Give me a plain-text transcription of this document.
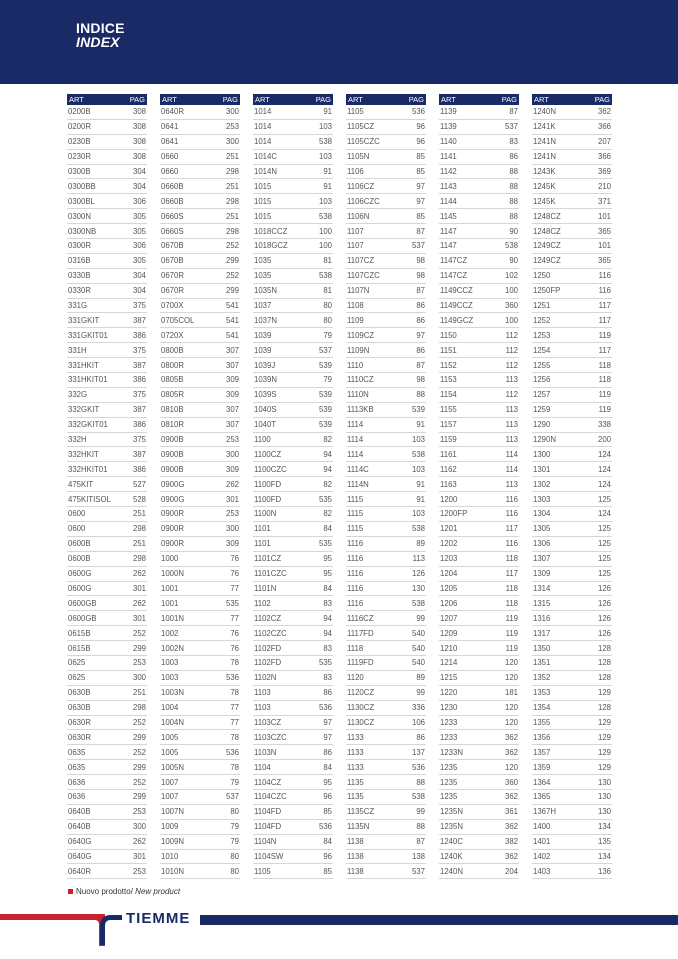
INDICE
INDEX
ART	PAG
0200B	308
0200R	308
0230B	308
0230R	308
0300B	304
0300BB	304
0300BL	306
0300N	305
0300NB	305
0300R	306
0316B	305
0330B	304
0330R	304
331G	375
331GKIT	387
331GKIT01	386
331H	375
331HKIT	387
331HKIT01	386
332G	375
332GKIT	387
332GKIT01	386
332H	375
332HKIT	387
332HKIT01	386
475KIT	527
475KITISOL	528
0600	251
0600	298
0600B	251
0600B	298
0600G	262
0600G	301
0600GB	262
0600GB	301
0615B	252
0615B	299
0625	253
0625	300
0630B	251
0630B	298
0630R	252
0630R	299
0635	252
0635	299
0636	252
0636	299
0640B	253
0640B	300
0640G	262
0640G	301
0640R	253
ART	PAG
0640R	300
0641	253
0641	300
0660	251
0660	298
0660B	251
0660B	298
0660S	251
0660S	298
0670B	252
0670B	299
0670R	252
0670R	299
0700X	541
0705COL	541
0720X	541
0800B	307
0800R	307
0805B	309
0805R	309
0810B	307
0810R	307
0900B	253
0900B	300
0900B	309
0900G	262
0900G	301
0900R	253
0900R	300
0900R	309
1000	76
1000N	76
1001	77
1001	535
1001N	77
1002	76
1002N	76
1003	78
1003	536
1003N	78
1004	77
1004N	77
1005	78
1005	536
1005N	78
1007	79
1007	537
1007N	80
1009	79
1009N	79
1010	80
1010N	80
ART	PAG
1014	91
1014	103
1014	538
1014C	103
1014N	91
1015	91
1015	103
1015	538
1018CCZ	100
1018GCZ	100
1035	81
1035	538
1035N	81
1037	80
1037N	80
1039	79
1039	537
1039J	539
1039N	79
1039S	539
1040S	539
1040T	539
1100	82
1100CZ	94
1100CZC	94
1100FD	82
1100FD	535
1100N	82
1101	84
1101	535
1101CZ	95
1101CZC	95
1101N	84
1102	83
1102CZ	94
1102CZC	94
1102FD	83
1102FD	535
1102N	83
1103	86
1103	536
1103CZ	97
1103CZC	97
1103N	86
1104	84
1104CZ	95
1104CZC	96
1104FD	85
1104FD	536
1104N	84
1104SW	96
1105	85
ART	PAG
1105	536
1105CZ	96
1105CZC	96
1105N	85
1106	85
1106CZ	97
1106CZC	97
1106N	85
1107	87
1107	537
1107CZ	98
1107CZC	98
1107N	87
1108	86
1109	86
1109CZ	97
1109N	86
1110	87
1110CZ	98
1110N	88
1113KB	539
1114	91
1114	103
1114	538
1114C	103
1114N	91
1115	91
1115	103
1115	538
1116	89
1116	113
1116	126
1116	130
1116	538
1116CZ	99
1117FD	540
1118	540
1119FD	540
1120	89
1120CZ	99
1130CZ	336
1130CZ	106
1133	86
1133	137
1133	536
1135	88
1135	538
1135CZ	99
1135N	88
1138	87
1138	138
1138	537
ART	PAG
1139	87
1139	537
1140	83
1141	86
1142	88
1143	88
1144	88
1145	88
1147	90
1147	538
1147CZ	90
1147CZ	102
1149CCZ	100
1149CCZ	360
1149GCZ	100
1150	112
1151	112
1152	112
1153	113
1154	112
1155	113
1157	113
1159	113
1161	114
1162	114
1163	113
1200	116
1200FP	116
1201	117
1202	116
1203	118
1204	117
1205	118
1206	118
1207	119
1209	119
1210	119
1214	120
1215	120
1220	181
1230	120
1233	120
1233	362
1233N	362
1235	120
1235	360
1235	362
1235N	361
1235N	362
1240C	382
1240K	362
1240N	204
ART	PAG
1240N	362
1241K	366
1241N	207
1241N	366
1243K	369
1245K	210
1245K	371
1248CZ	101
1248CZ	365
1249CZ	101
1249CZ	365
1250	116
1250FP	116
1251	117
1252	117
1253	119
1254	117
1255	118
1256	118
1257	119
1259	119
1290	338
1290N	200
1300	124
1301	124
1302	124
1303	125
1304	124
1305	125
1306	125
1307	125
1309	125
1314	126
1315	126
1316	126
1317	126
1350	128
1351	128
1352	128
1353	129
1354	128
1355	129
1356	129
1357	129
1359	129
1364	130
1365	130
1367H	130
1400	134
1401	135
1402	134
1403	136
Nuovo prodotto/ New product
TIEMME
